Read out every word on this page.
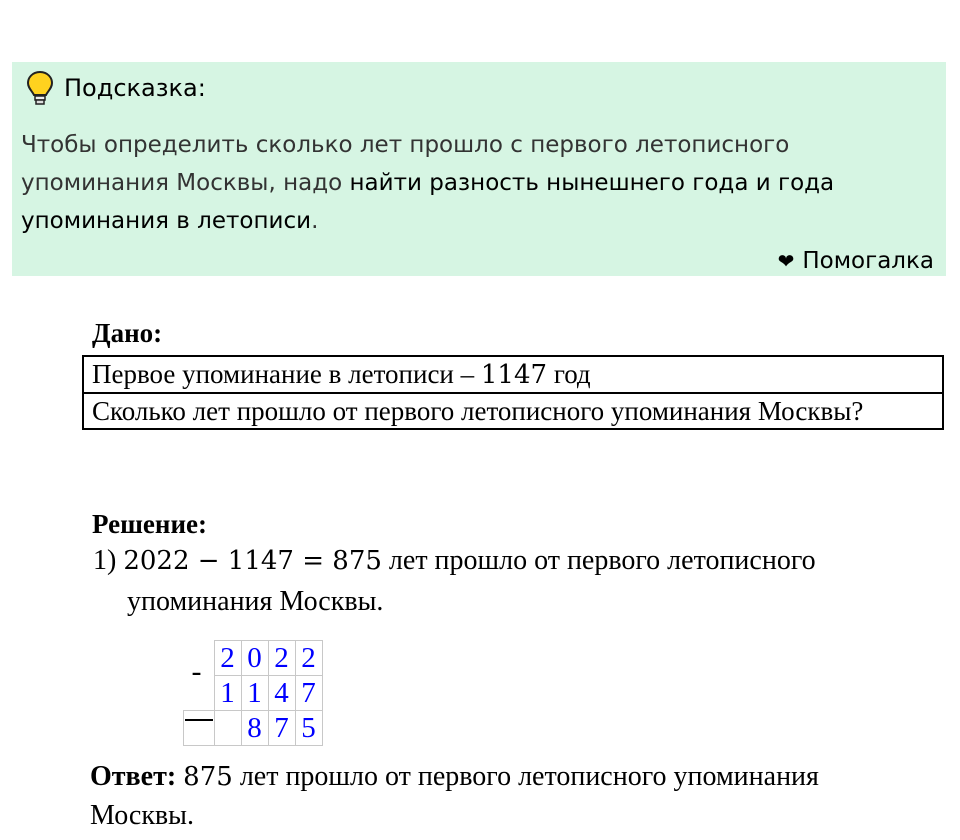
Подсказка:
Чтобы определить сколько лет прошло с первого летописного упоминания Москвы, надо найти разность нынешнего года и года упоминания в летописи.
❤ Помогалка
Дано:
Первое упоминание в летописи – 1147 год
Сколько лет прошло от первого летописного упоминания Москвы?
Решение:
1) 2022 − 1147 = 875 лет прошло от первого летописного
упоминания Москвы.
-	2	0	2	2
	1	1	4	7
		8	7	5
Ответ: 875 лет прошло от первого летописного упоминания
Москвы.
